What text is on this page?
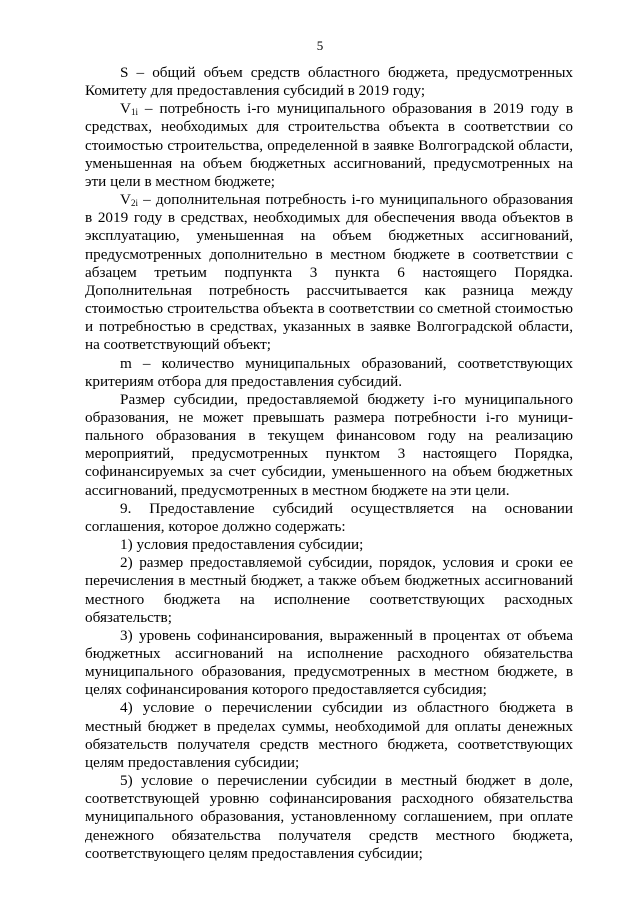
5

S – общий объем средств областного бюджета, предусмотренных Комитету для предоставления субсидий в 2019 году;

$V_{1i}$ – потребность i-го муниципального образования в 2019 году в средствах, необходимых для строительства объекта в соответствии со стоимостью строительства, определенной в заявке Волгоградской области, уменьшенная на объем бюджетных ассигнований, предусмотренных на эти цели в местном бюджете;

$V_{2i}$ – дополнительная потребность i-го муниципального образования в 2019 году в средствах, необходимых для обеспечения ввода объектов в эксплуатацию, уменьшенная на объем бюджетных ассигнований, предусмотренных дополнительно в местном бюджете в соответствии с абзацем третьим подпункта 3 пункта 6 настоящего Порядка. Дополнительная потребность рассчитывается как разница между стоимостью строительства объекта в соответствии со сметной стоимостью и потребностью в средствах, указанных в заявке Волгоградской области, на соответствующий объект;

m – количество муниципальных образований, соответствующих критериям отбора для предоставления субсидий.

Размер субсидии, предоставляемой бюджету i-го муниципального образования, не может превышать размера потребности i-го муниципального образования в текущем финансовом году на реализацию мероприятий, предусмотренных пунктом 3 настоящего Порядка, софинансируемых за счет субсидии, уменьшенного на объем бюджетных ассигнований, предусмотренных в местном бюджете на эти цели.

9. Предоставление субсидий осуществляется на основании соглашения, которое должно содержать:

1) условия предоставления субсидии;

2) размер предоставляемой субсидии, порядок, условия и сроки ее перечисления в местный бюджет, а также объем бюджетных ассигнований местного бюджета на исполнение соответствующих расходных обязательств;

3) уровень софинансирования, выраженный в процентах от объема бюджетных ассигнований на исполнение расходного обязательства муниципального образования, предусмотренных в местном бюджете, в целях софинансирования которого предоставляется субсидия;

4) условие о перечислении субсидии из областного бюджета в местный бюджет в пределах суммы, необходимой для оплаты денежных обязательств получателя средств местного бюджета, соответствующих целям предоставления субсидии;

5) условие о перечислении субсидии в местный бюджет в доле, соответствующей уровню софинансирования расходного обязательства муниципального образования, установленному соглашением, при оплате денежного обязательства получателя средств местного бюджета, соответствующего целям предоставления субсидии;
